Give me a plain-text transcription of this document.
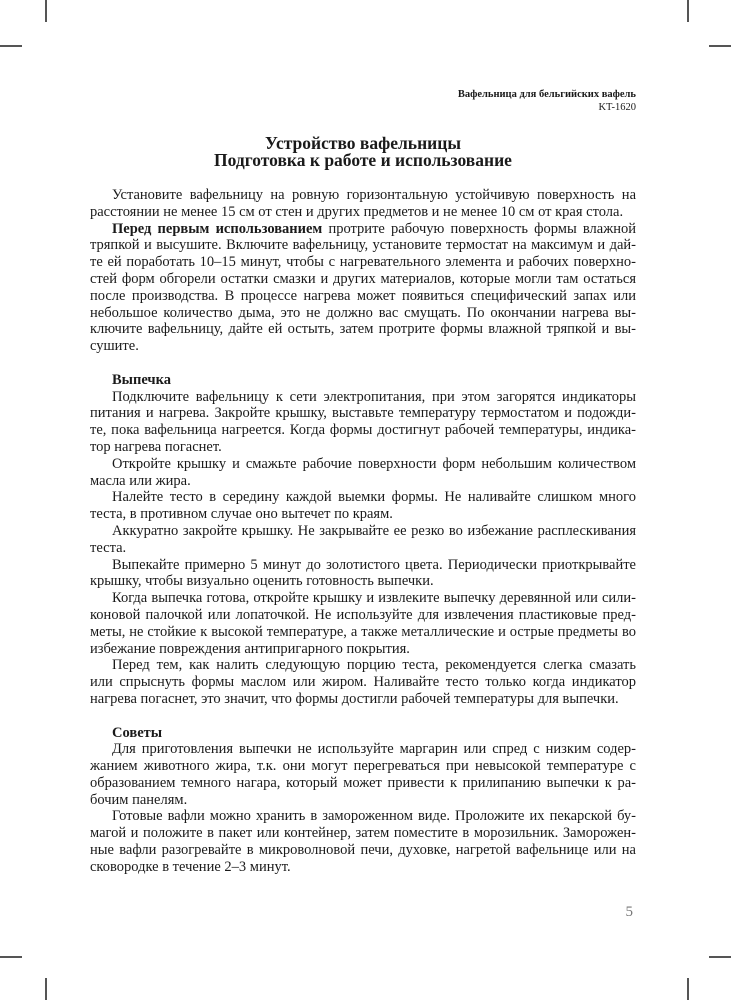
Вафельница для бельгийских вафель
KT-1620
Устройство вафельницы
Подготовка к работе и использование
Установите вафельницу на ровную горизонтальную устойчивую поверхность на
расстоянии не менее 15 см от стен и других предметов и не менее 10 см от края стола.
Перед первым использованием протрите рабочую поверхность формы влажной
тряпкой и высушите. Включите вафельницу, установите термостат на максимум и дай-
те ей поработать 10–15 минут, чтобы с нагревательного элемента и рабочих поверхно-
стей форм обгорели остатки смазки и других материалов, которые могли там остаться
после производства. В процессе нагрева может появиться специфический запах или
небольшое количество дыма, это не должно вас смущать. По окончании нагрева вы-
ключите вафельницу, дайте ей остыть, затем протрите формы влажной тряпкой и вы-
сушите.
Выпечка
Подключите вафельницу к сети электропитания, при этом загорятся индикаторы
питания и нагрева. Закройте крышку, выставьте температуру термостатом и подожди-
те, пока вафельница нагреется. Когда формы достигнут рабочей температуры, индика-
тор нагрева погаснет.
Откройте крышку и смажьте рабочие поверхности форм небольшим количеством
масла или жира.
Налейте тесто в середину каждой выемки формы. Не наливайте слишком много
теста, в противном случае оно вытечет по краям.
Аккуратно закройте крышку. Не закрывайте ее резко во избежание расплескивания
теста.
Выпекайте примерно 5 минут до золотистого цвета. Периодически приоткрывайте
крышку, чтобы визуально оценить готовность выпечки.
Когда выпечка готова, откройте крышку и извлеките выпечку деревянной или сили-
коновой палочкой или лопаточкой. Не используйте для извлечения пластиковые пред-
меты, не стойкие к высокой температуре, а также металлические и острые предметы во
избежание повреждения антипригарного покрытия.
Перед тем, как налить следующую порцию теста, рекомендуется слегка смазать
или спрыснуть формы маслом или жиром. Наливайте тесто только когда индикатор
нагрева погаснет, это значит, что формы достигли рабочей температуры для выпечки.
Советы
Для приготовления выпечки не используйте маргарин или спред с низким содер-
жанием животного жира, т.к. они могут перегреваться при невысокой температуре с
образованием темного нагара, который может привести к прилипанию выпечки к ра-
бочим панелям.
Готовые вафли можно хранить в замороженном виде. Проложите их пекарской бу-
магой и положите в пакет или контейнер, затем поместите в морозильник. Заморожен-
ные вафли разогревайте в микроволновой печи, духовке, нагретой вафельнице или на
сковородке в течение 2–3 минут.
5
